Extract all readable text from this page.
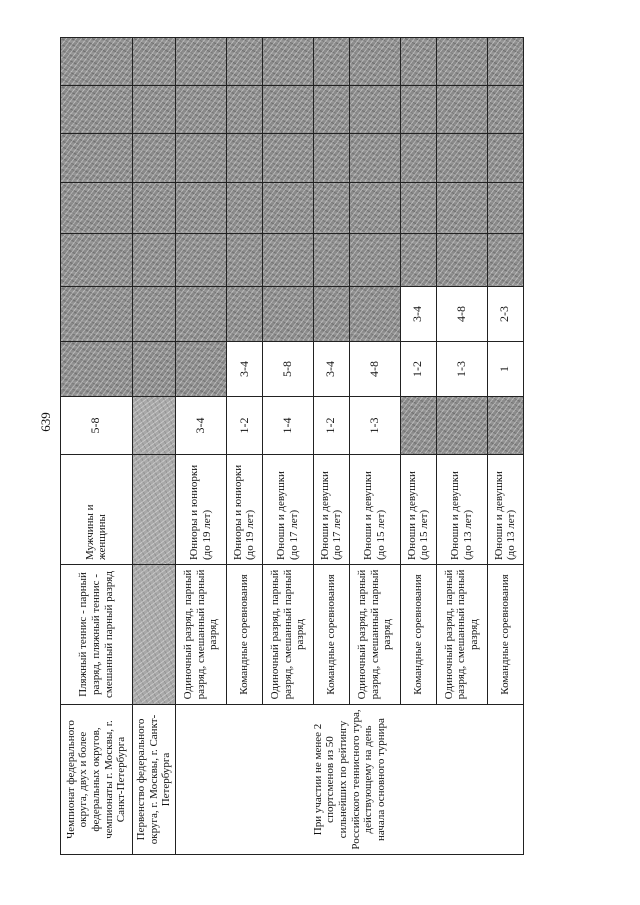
639
Чемпионат федерального округа, двух и более федеральных округов, чемпионаты г. Москвы, г. Санкт-Петербурга	Пляжный теннис - парный разряд, пляжный теннис - смешанный парный разряд	Мужчины и женщины	5-8							
Первенство федерального округа, г. Москвы, г. Санкт-Петербурга										
При участии не менее 2 спортсменов из 50 сильнейших по рейтингу Российского теннисного тура, действующему на день начала основного турнира	Одиночный разряд, парный разряд, смешанный парный разряд	Юниоры и юниорки (до 19 лет)	3-4							
	Командные соревнования	Юниоры и юниорки (до 19 лет)	1-2	3-4						
	Одиночный разряд, парный разряд, смешанный парный разряд	Юноши и девушки (до 17 лет)	1-4	5-8						
	Командные соревнования	Юноши и девушки (до 17 лет)	1-2	3-4						
	Одиночный разряд, парный разряд, смешанный парный разряд	Юноши и девушки (до 15 лет)	1-3	4-8						
	Командные соревнования	Юноши и девушки (до 15 лет)		1-2	3-4					
	Одиночный разряд, парный разряд, смешанный парный разряд	Юноши и девушки (до 13 лет)		1-3	4-8					
	Командные соревнования	Юноши и девушки (до 13 лет)		1	2-3					
